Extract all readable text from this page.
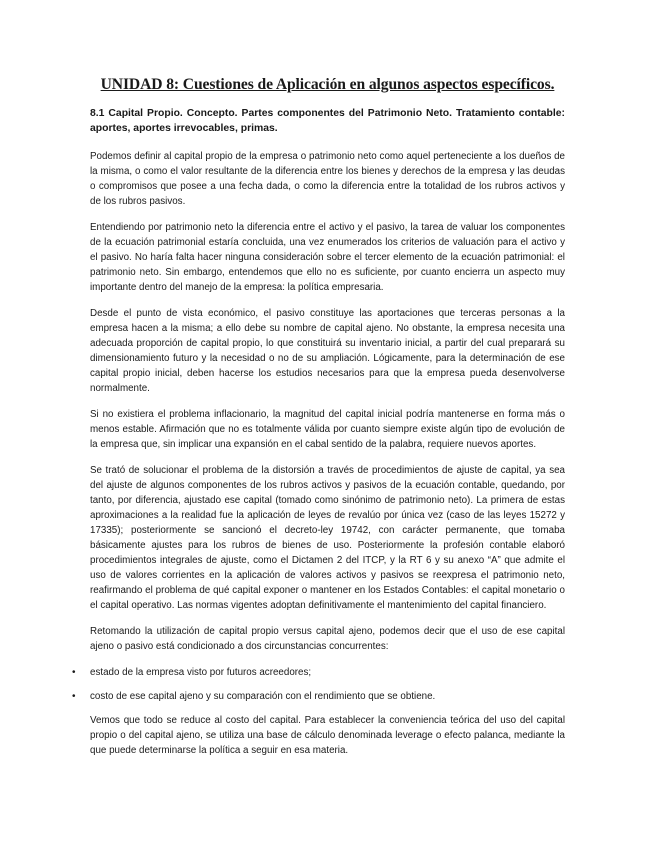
UNIDAD 8: Cuestiones de Aplicación en algunos aspectos específicos.

8.1 Capital Propio. Concepto. Partes componentes del Patrimonio Neto. Tratamiento contable: aportes, aportes irrevocables, primas.

Podemos definir al capital propio de la empresa o patrimonio neto como aquel perteneciente a los dueños de la misma, o como el valor resultante de la diferencia entre los bienes y derechos de la empresa y las deudas o compromisos que posee a una fecha dada, o como la diferencia entre la totalidad de los rubros activos y de los rubros pasivos.

Entendiendo por patrimonio neto la diferencia entre el activo y el pasivo, la tarea de valuar los componentes de la ecuación patrimonial estaría concluida, una vez enumerados los criterios de valuación para el activo y el pasivo. No haría falta hacer ninguna consideración sobre el tercer elemento de la ecuación patrimonial: el patrimonio neto. Sin embargo, entendemos que ello no es suficiente, por cuanto encierra un aspecto muy importante dentro del manejo de la empresa: la política empresaria.

Desde el punto de vista económico, el pasivo constituye las aportaciones que terceras personas a la empresa hacen a la misma; a ello debe su nombre de capital ajeno. No obstante, la empresa necesita una adecuada proporción de capital propio, lo que constituirá su inventario inicial, a partir del cual preparará su dimensionamiento futuro y la necesidad o no de su ampliación. Lógicamente, para la determinación de ese capital propio inicial, deben hacerse los estudios necesarios para que la empresa pueda desenvolverse normalmente.

Si no existiera el problema inflacionario, la magnitud del capital inicial podría mantenerse en forma más o menos estable. Afirmación que no es totalmente válida por cuanto siempre existe algún tipo de evolución de la empresa que, sin implicar una expansión en el cabal sentido de la palabra, requiere nuevos aportes.

Se trató de solucionar el problema de la distorsión a través de procedimientos de ajuste de capital, ya sea del ajuste de algunos componentes de los rubros activos y pasivos de la ecuación contable, quedando, por tanto, por diferencia, ajustado ese capital (tomado como sinónimo de patrimonio neto). La primera de estas aproximaciones a la realidad fue la aplicación de leyes de revalúo por única vez (caso de las leyes 15272 y 17335); posteriormente se sancionó el decreto-ley 19742, con carácter permanente, que tomaba básicamente ajustes para los rubros de bienes de uso. Posteriormente la profesión contable elaboró procedimientos integrales de ajuste, como el Dictamen 2 del ITCP, y la RT 6 y su anexo “A” que admite el uso de valores corrientes en la aplicación de valores activos y pasivos se reexpresa el patrimonio neto, reafirmando el problema de qué capital exponer o mantener en los Estados Contables: el capital monetario o el capital operativo. Las normas vigentes adoptan definitivamente el mantenimiento del capital financiero.

Retomando la utilización de capital propio versus capital ajeno, podemos decir que el uso de ese capital ajeno o pasivo está condicionado a dos circunstancias concurrentes:

• estado de la empresa visto por futuros acreedores;
• costo de ese capital ajeno y su comparación con el rendimiento que se obtiene.

Vemos que todo se reduce al costo del capital. Para establecer la conveniencia teórica del uso del capital propio o del capital ajeno, se utiliza una base de cálculo denominada leverage o efecto palanca, mediante la que puede determinarse la política a seguir en esa materia.
